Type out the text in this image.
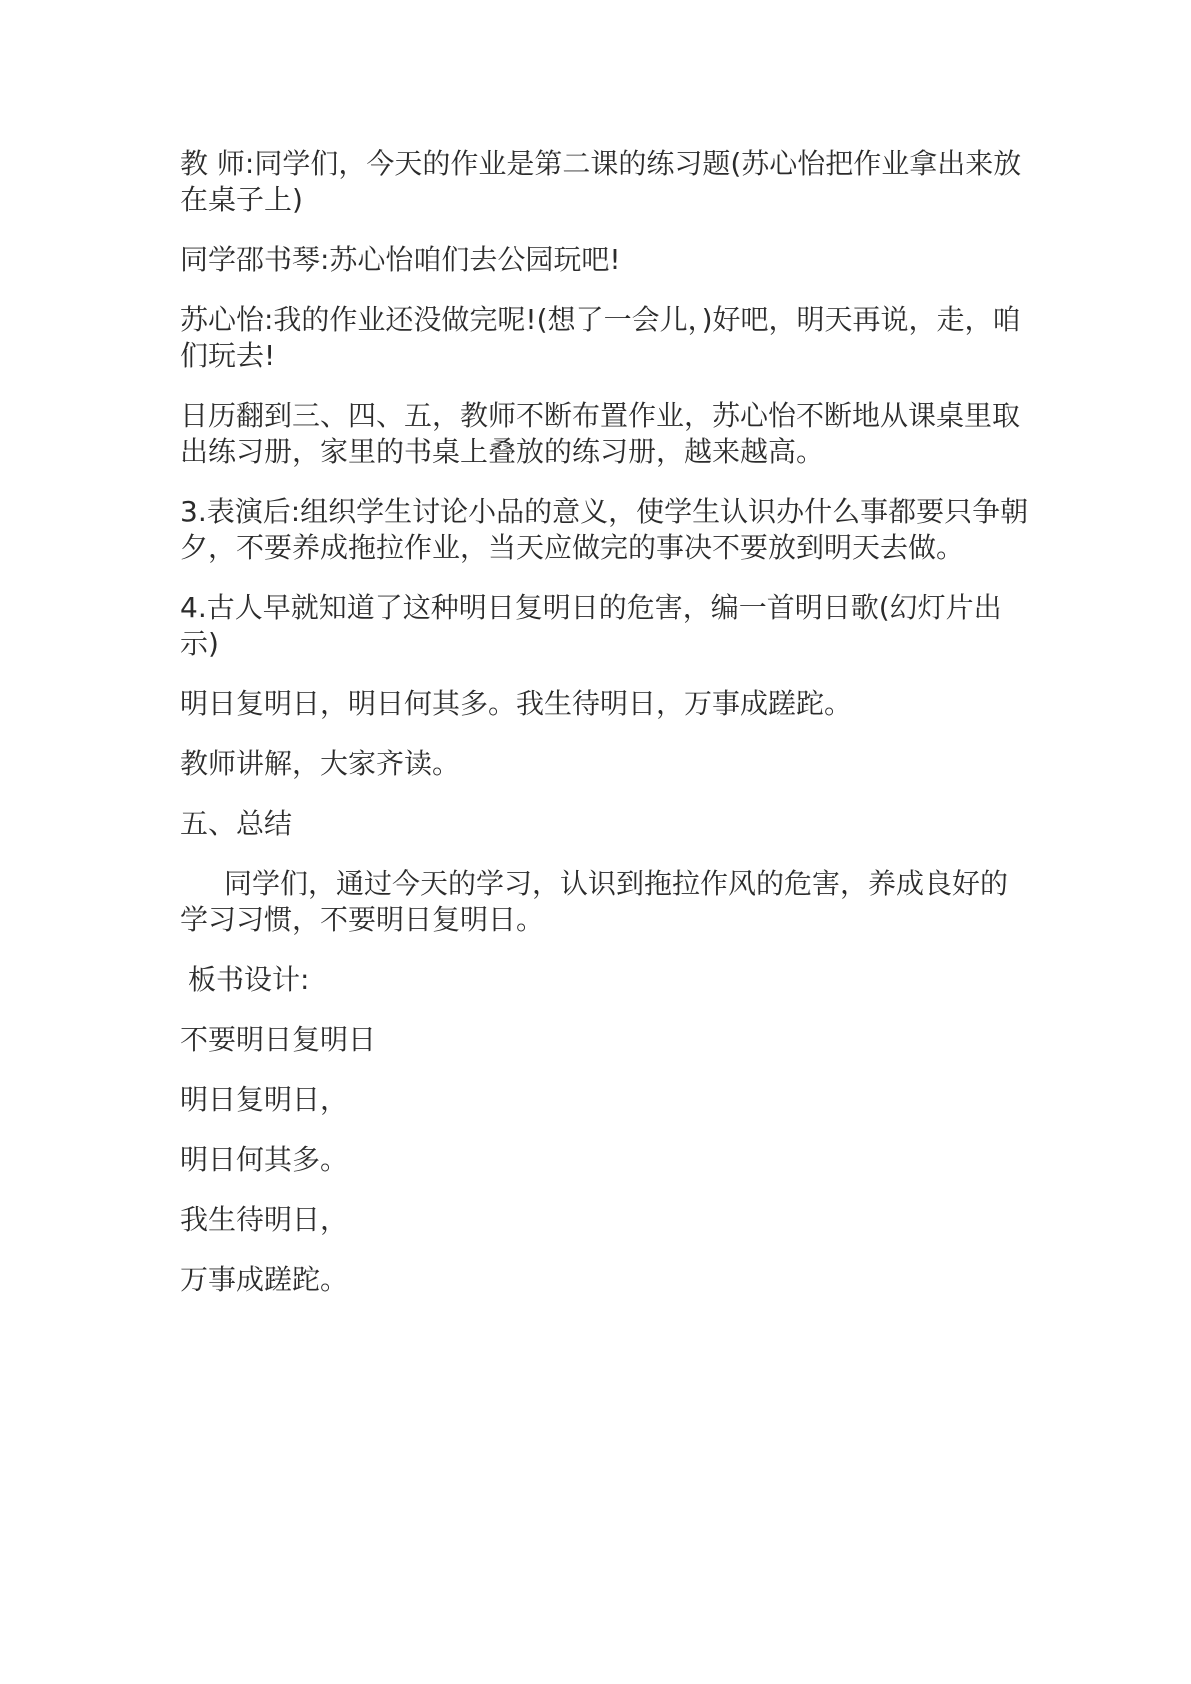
教 师:同学们，今天的作业是第二课的练习题(苏心怡把作业拿出来放在桌子上)

同学邵书琴:苏心怡咱们去公园玩吧!

苏心怡:我的作业还没做完呢!(想了一会儿，)好吧，明天再说，走，咱们玩去!

日历翻到三、四、五，教师不断布置作业，苏心怡不断地从课桌里取出练习册，家里的书桌上叠放的练习册，越来越高。

3.表演后:组织学生讨论小品的意义，使学生认识办什么事都要只争朝夕，不要养成拖拉作业，当天应做完的事决不要放到明天去做。

4.古人早就知道了这种明日复明日的危害，编一首明日歌(幻灯片出示)

明日复明日，明日何其多。我生待明日，万事成蹉跎。

教师讲解，大家齐读。

五、总结

同学们，通过今天的学习，认识到拖拉作风的危害，养成良好的学习习惯，不要明日复明日。

板书设计:

不要明日复明日

明日复明日，

明日何其多。

我生待明日，

万事成蹉跎。
